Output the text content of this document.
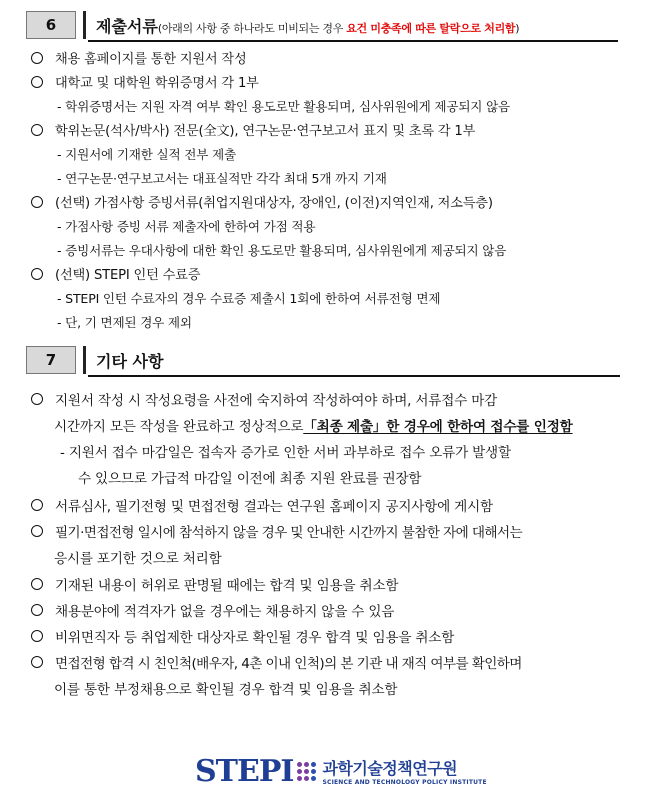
6	제출서류(아래의 사항 중 하나라도 미비되는 경우 요건 미충족에 따른 탈락으로 처리함)
채용 홈페이지를 통한 지원서 작성
대학교 및 대학원 학위증명서 각 1부
- 학위증명서는 지원 자격 여부 확인 용도로만 활용되며, 심사위원에게 제공되지 않음
학위논문(석사/박사) 전문(全文), 연구논문·연구보고서 표지 및 초록 각 1부
- 지원서에 기재한 실적 전부 제출
- 연구논문·연구보고서는 대표실적만 각각 최대 5개 까지 기재
(선택) 가점사항 증빙서류(취업지원대상자, 장애인, (이전)지역인재, 저소득층)
- 가점사항 증빙 서류 제출자에 한하여 가점 적용
- 증빙서류는 우대사항에 대한 확인 용도로만 활용되며, 심사위원에게 제공되지 않음
(선택) STEPI 인턴 수료증
- STEPI 인턴 수료자의 경우 수료증 제출시 1회에 한하여 서류전형 면제
- 단, 기 면제된 경우 제외
7	기타 사항
지원서 작성 시 작성요령을 사전에 숙지하여 작성하여야 하며, 서류접수 마감
시간까지 모든 작성을 완료하고 정상적으로 「최종 제출」한 경우에 한하여 접수를 인정함
- 지원서 접수 마감일은 접속자 증가로 인한 서버 과부하로 접수 오류가 발생할
수 있으므로 가급적 마감일 이전에 최종 지원 완료를 권장함
서류심사, 필기전형 및 면접전형 결과는 연구원 홈페이지 공지사항에 게시함
필기·면접전형 일시에 참석하지 않을 경우 및 안내한 시간까지 불참한 자에 대해서는
응시를 포기한 것으로 처리함
기재된 내용이 허위로 판명될 때에는 합격 및 임용을 취소함
채용분야에 적격자가 없을 경우에는 채용하지 않을 수 있음
비위면직자 등 취업제한 대상자로 확인될 경우 합격 및 임용을 취소함
면접전형 합격 시 친인척(배우자, 4촌 이내 인척)의 본 기관 내 재직 여부를 확인하며
이를 통한 부정채용으로 확인될 경우 합격 및 임용을 취소함
STEPI 과학기술정책연구원
SCIENCE AND TECHNOLOGY POLICY INSTITUTE
